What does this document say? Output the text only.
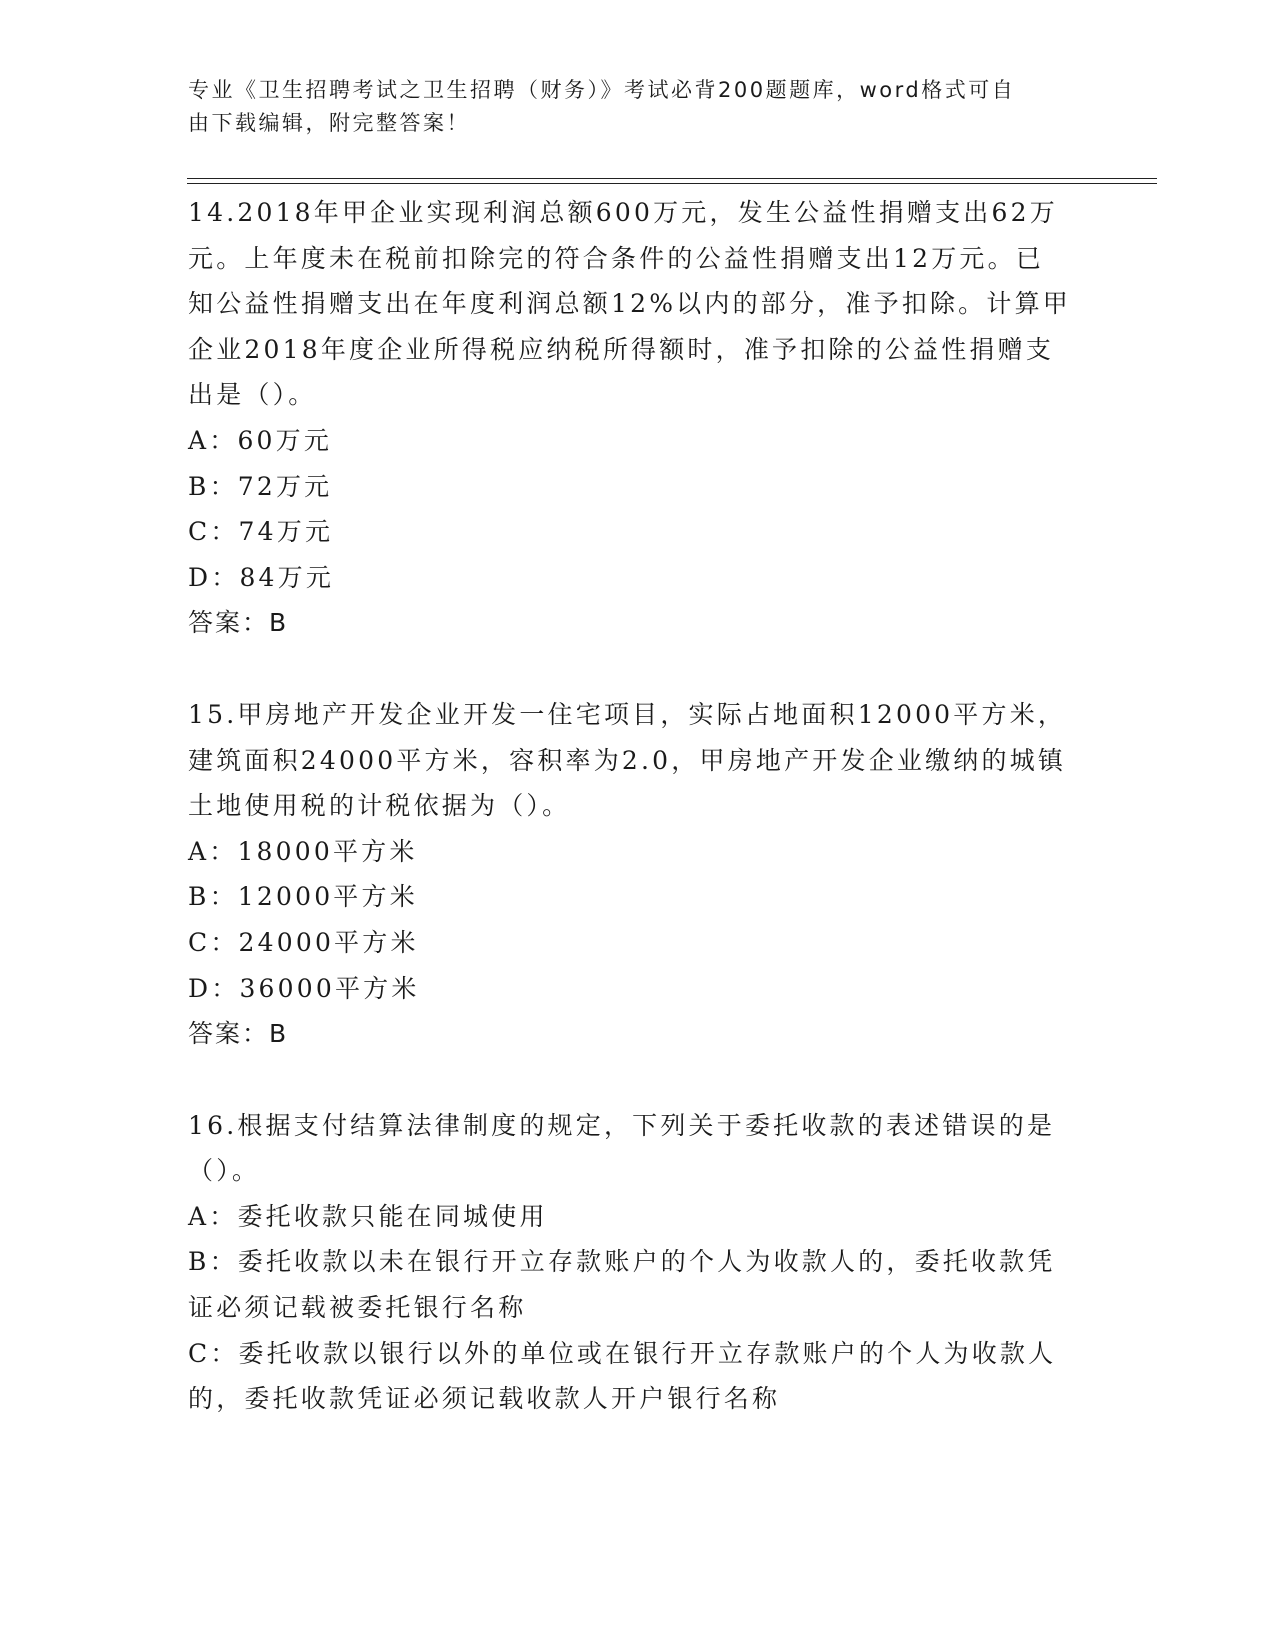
专业《卫生招聘考试之卫生招聘（财务）》考试必背200题题库，word格式可自
由下载编辑，附完整答案！
14.2018年甲企业实现利润总额600万元，发生公益性捐赠支出62万
元。上年度未在税前扣除完的符合条件的公益性捐赠支出12万元。已
知公益性捐赠支出在年度利润总额12%以内的部分，准予扣除。计算甲
企业2018年度企业所得税应纳税所得额时，准予扣除的公益性捐赠支
出是（）。
A：60万元
B：72万元
C：74万元
D：84万元
答案：B
15.甲房地产开发企业开发一住宅项目，实际占地面积12000平方米，
建筑面积24000平方米，容积率为2.0，甲房地产开发企业缴纳的城镇
土地使用税的计税依据为（）。
A：18000平方米
B：12000平方米
C：24000平方米
D：36000平方米
答案：B
16.根据支付结算法律制度的规定，下列关于委托收款的表述错误的是
（）。
A：委托收款只能在同城使用
B：委托收款以未在银行开立存款账户的个人为收款人的，委托收款凭
证必须记载被委托银行名称
C：委托收款以银行以外的单位或在银行开立存款账户的个人为收款人
的，委托收款凭证必须记载收款人开户银行名称
